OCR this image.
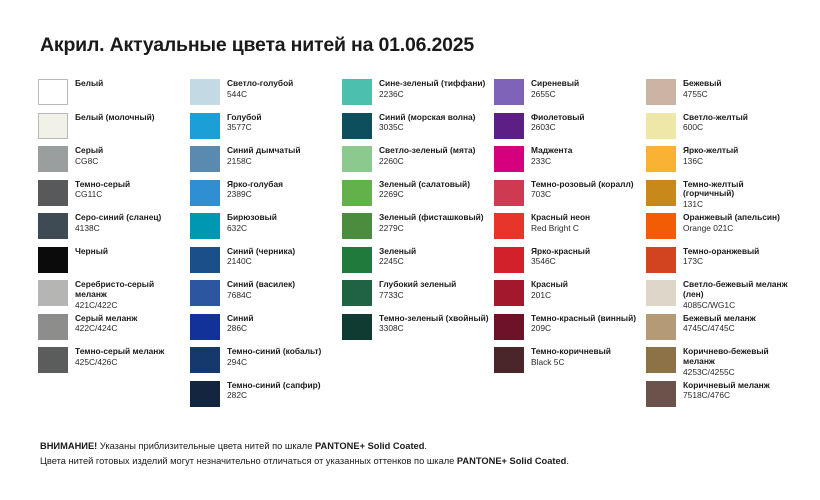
Акрил. Актуальные цвета нитей на 01.06.2025
Белый
Белый (молочный)
Серый
CG8C
Темно-серый
CG11C
Серо-синий (сланец)
4138C
Черный
Серебристо-серый меланж
421C/422C
Серый меланж
422C/424C
Темно-серый меланж
425C/426C
Светло-голубой
544C
Голубой
3577C
Синий дымчатый
2158C
Ярко-голубая
2389C
Бирюзовый
632C
Синий (черника)
2140C
Синий (василек)
7684C
Синий
286C
Темно-синий (кобальт)
294C
Темно-синий (сапфир)
282C
Сине-зеленый (тиффани)
2236C
Синий (морская волна)
3035C
Светло-зеленый (мята)
2260C
Зеленый (салатовый)
2269C
Зеленый (фисташковый)
2279C
Зеленый
2245C
Глубокий зеленый
7733C
Темно-зеленый (хвойный)
3308C
Сиреневый
2655C
Фиолетовый
2603C
Маджента
233C
Темно-розовый (коралл)
703C
Красный неон
Red Bright C
Ярко-красный
3546C
Красный
201C
Темно-красный (винный)
209C
Темно-коричневый
Black 5C
Бежевый
4755C
Светло-желтый
600C
Ярко-желтый
136C
Темно-желтый (горчичный)
131C
Оранжевый (апельсин)
Orange 021C
Темно-оранжевый
173C
Светло-бежевый меланж (лен)
4085C/WG1C
Бежевый меланж
4745C/4745C
Коричнево-бежевый меланж
4253C/4255C
Коричневый меланж
7518C/476C
ВНИМАНИЕ! Указаны приблизительные цвета нитей по шкале PANTONE+ Solid Coated.
Цвета нитей готовых изделий могут незначительно отличаться от указанных оттенков по шкале PANTONE+ Solid Coated.
